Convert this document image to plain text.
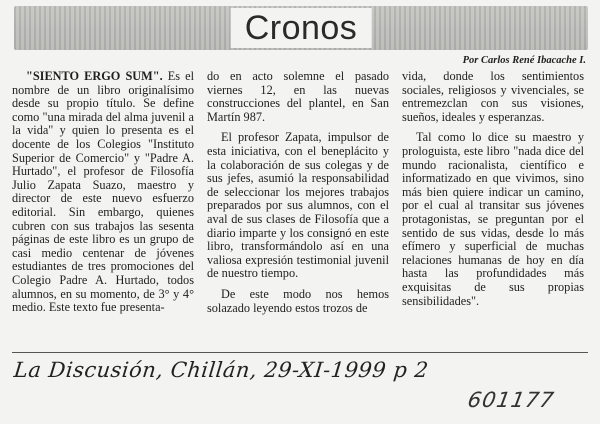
Cronos
Por Carlos René Ibacache I.

"SIENTO ERGO SUM". Es el nombre de un libro originalísimo desde su propio título. Se define como "una mirada del alma juvenil a la vida" y quien lo presenta es el docente de los Colegios "Instituto Superior de Comercio" y "Padre A. Hurtado", el profesor de Filosofía Julio Zapata Suazo, maestro y director de este nuevo esfuerzo editorial. Sin embargo, quienes cubren con sus trabajos las sesenta páginas de este libro es un grupo de casi medio centenar de jóvenes estudiantes de tres promociones del Colegio Padre A. Hurtado, todos alumnos, en su momento, de 3° y 4° medio. Este texto fue presenta-

do en acto solemne el pasado viernes 12, en las nuevas construcciones del plantel, en San Martín 987.

El profesor Zapata, impulsor de esta iniciativa, con el beneplácito y la colaboración de sus colegas y de sus jefes, asumió la responsabilidad de seleccionar los mejores trabajos preparados por sus alumnos, con el aval de sus clases de Filosofía que a diario imparte y los consignó en este libro, transformándolo así en una valiosa expresión testimonial juvenil de nuestro tiempo.

De este modo nos hemos solazado leyendo estos trozos de

vida, donde los sentimientos sociales, religiosos y vivenciales, se entremezclan con sus visiones, sueños, ideales y esperanzas.

Tal como lo dice su maestro y prologuista, este libro "nada dice del mundo racionalista, científico e informatizado en que vivimos, sino más bien quiere indicar un camino, por el cual al transitar sus jóvenes protagonistas, se preguntan por el sentido de sus vidas, desde lo más efímero y superficial de muchas relaciones humanas de hoy en día hasta las profundidades más exquisitas de sus propias sensibilidades".

La Discusión, Chillán, 29-XI-1999 p 2
601177
